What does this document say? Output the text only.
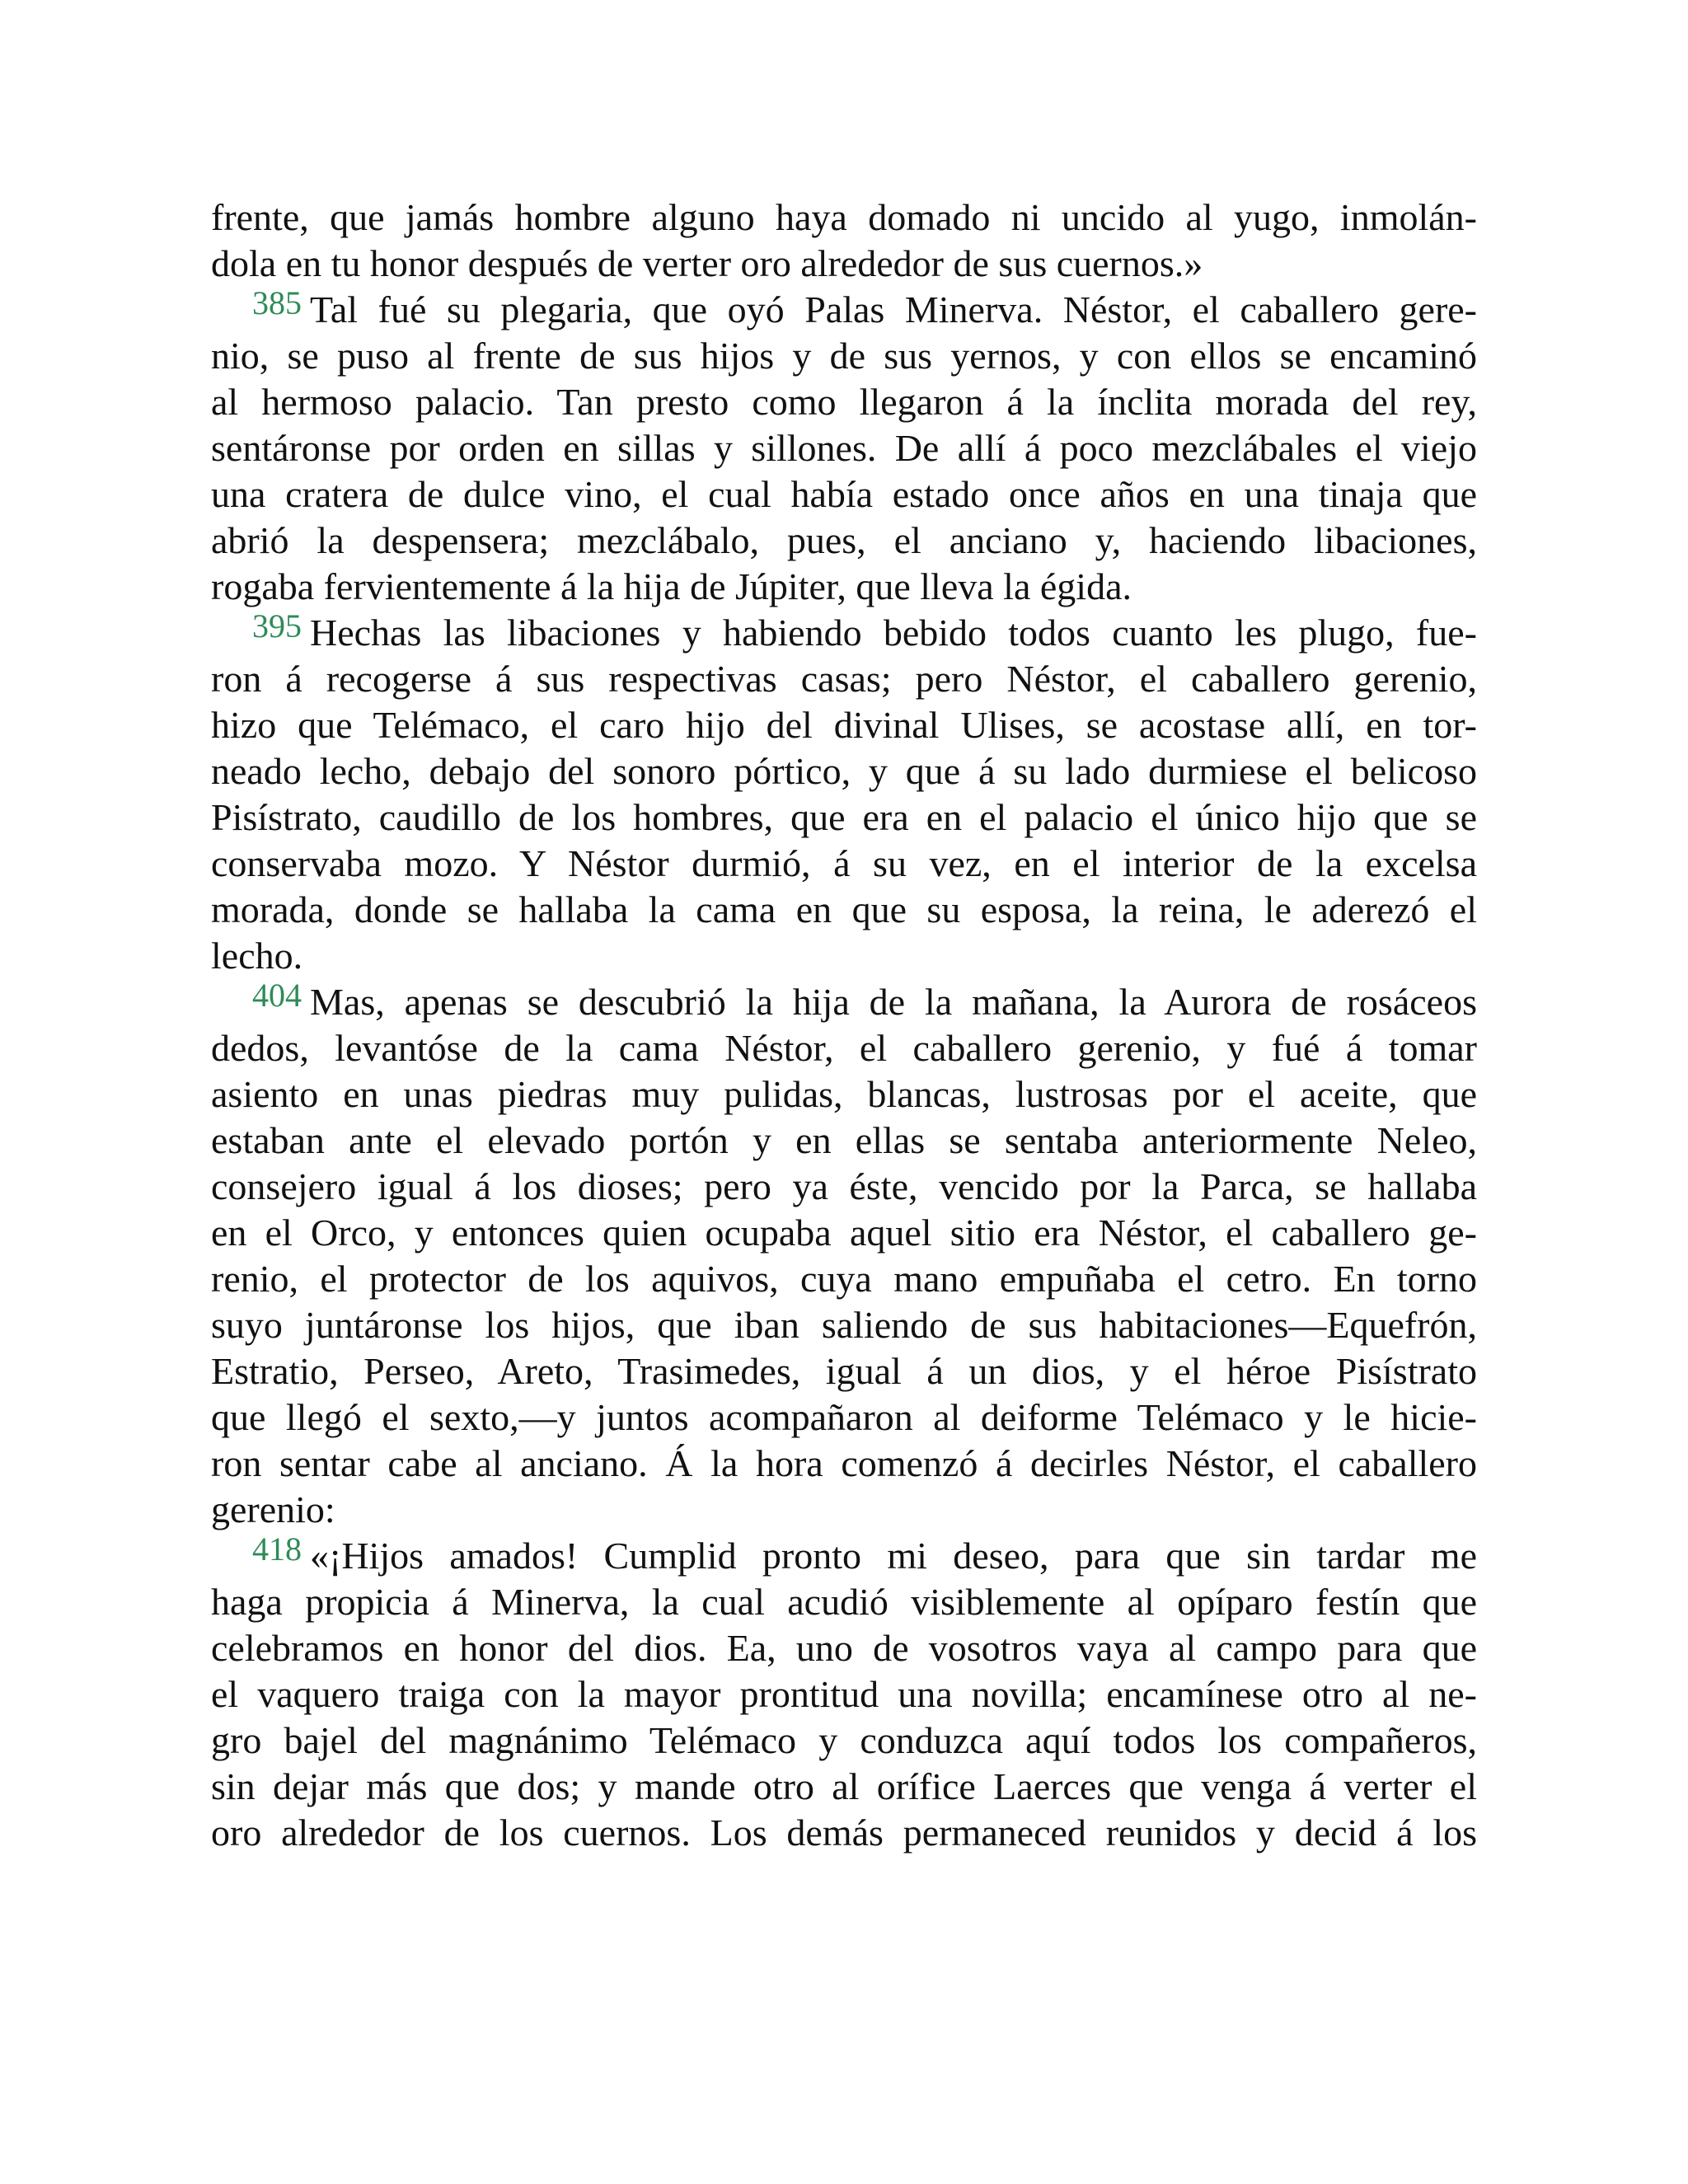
frente, que jamás hombre alguno haya domado ni uncido al yugo, inmolán-
dola en tu honor después de verter oro alrededor de sus cuernos.»
385 Tal fué su plegaria, que oyó Palas Minerva. Néstor, el caballero gere-
nio, se puso al frente de sus hijos y de sus yernos, y con ellos se encaminó
al hermoso palacio. Tan presto como llegaron á la ínclita morada del rey,
sentáronse por orden en sillas y sillones. De allí á poco mezclábales el viejo
una cratera de dulce vino, el cual había estado once años en una tinaja que
abrió la despensera; mezclábalo, pues, el anciano y, haciendo libaciones,
rogaba fervientemente á la hija de Júpiter, que lleva la égida.
395 Hechas las libaciones y habiendo bebido todos cuanto les plugo, fue-
ron á recogerse á sus respectivas casas; pero Néstor, el caballero gerenio,
hizo que Telémaco, el caro hijo del divinal Ulises, se acostase allí, en tor-
neado lecho, debajo del sonoro pórtico, y que á su lado durmiese el belicoso
Pisístrato, caudillo de los hombres, que era en el palacio el único hijo que se
conservaba mozo. Y Néstor durmió, á su vez, en el interior de la excelsa
morada, donde se hallaba la cama en que su esposa, la reina, le aderezó el
lecho.
404 Mas, apenas se descubrió la hija de la mañana, la Aurora de rosáceos
dedos, levantóse de la cama Néstor, el caballero gerenio, y fué á tomar
asiento en unas piedras muy pulidas, blancas, lustrosas por el aceite, que
estaban ante el elevado portón y en ellas se sentaba anteriormente Neleo,
consejero igual á los dioses; pero ya éste, vencido por la Parca, se hallaba
en el Orco, y entonces quien ocupaba aquel sitio era Néstor, el caballero ge-
renio, el protector de los aquivos, cuya mano empuñaba el cetro. En torno
suyo juntáronse los hijos, que iban saliendo de sus habitaciones—Equefrón,
Estratio, Perseo, Areto, Trasimedes, igual á un dios, y el héroe Pisístrato
que llegó el sexto,—y juntos acompañaron al deiforme Telémaco y le hicie-
ron sentar cabe al anciano. Á la hora comenzó á decirles Néstor, el caballero
gerenio:
418 «¡Hijos amados! Cumplid pronto mi deseo, para que sin tardar me
haga propicia á Minerva, la cual acudió visiblemente al opíparo festín que
celebramos en honor del dios. Ea, uno de vosotros vaya al campo para que
el vaquero traiga con la mayor prontitud una novilla; encamínese otro al ne-
gro bajel del magnánimo Telémaco y conduzca aquí todos los compañeros,
sin dejar más que dos; y mande otro al orífice Laerces que venga á verter el
oro alrededor de los cuernos. Los demás permaneced reunidos y decid á los
